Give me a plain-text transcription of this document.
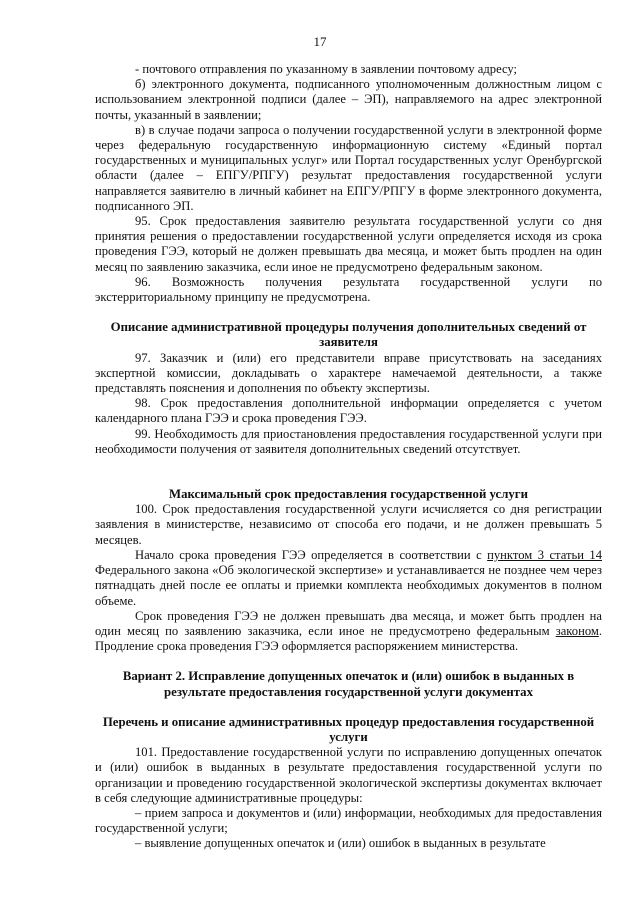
17

- почтового отправления по указанному в заявлении почтовому адресу;

б) электронного документа, подписанного уполномоченным должностным лицом с использованием электронной подписи (далее – ЭП), направляемого на адрес электронной почты, указанный в заявлении;

в) в случае подачи запроса о получении государственной услуги в электронной форме через федеральную государственную информационную систему «Единый портал государственных и муниципальных услуг» или Портал государственных услуг Оренбургской области (далее – ЕПГУ/РПГУ) результат предоставления государственной услуги направляется заявителю в личный кабинет на ЕПГУ/РПГУ в форме электронного документа, подписанного ЭП.

95. Срок предоставления заявителю результата государственной услуги со дня принятия решения о предоставлении государственной услуги определяется исходя из срока проведения ГЭЭ, который не должен превышать два месяца, и может быть продлен на один месяц по заявлению заказчика, если иное не предусмотрено федеральным законом.

96. Возможность получения результата государственной услуги по экстерриториальному принципу не предусмотрена.

Описание административной процедуры получения дополнительных сведений от заявителя

97. Заказчик и (или) его представители вправе присутствовать на заседаниях экспертной комиссии, докладывать о характере намечаемой деятельности, а также представлять пояснения и дополнения по объекту экспертизы.

98. Срок предоставления дополнительной информации определяется с учетом календарного плана ГЭЭ и срока проведения ГЭЭ.

99. Необходимость для приостановления предоставления государственной услуги при необходимости получения от заявителя дополнительных сведений отсутствует.

Максимальный срок предоставления государственной услуги

100. Срок предоставления государственной услуги исчисляется со дня регистрации заявления в министерстве, независимо от способа его подачи, и не должен превышать 5 месяцев.

Начало срока проведения ГЭЭ определяется в соответствии с пунктом 3 статьи 14 Федерального закона «Об экологической экспертизе» и устанавливается не позднее чем через пятнадцать дней после ее оплаты и приемки комплекта необходимых документов в полном объеме.

Срок проведения ГЭЭ не должен превышать два месяца, и может быть продлен на один месяц по заявлению заказчика, если иное не предусмотрено федеральным законом. Продление срока проведения ГЭЭ оформляется распоряжением министерства.

Вариант 2. Исправление допущенных опечаток и (или) ошибок в выданных в результате предоставления государственной услуги документах
Перечень и описание административных процедур предоставления государственной услуги

101. Предоставление государственной услуги по исправлению допущенных опечаток и (или) ошибок в выданных в результате предоставления государственной услуги по организации и проведению государственной экологической экспертизы документах включает в себя следующие административные процедуры:

– прием запроса и документов и (или) информации, необходимых для предоставления государственной услуги;

– выявление допущенных опечаток и (или) ошибок в выданных в результате
